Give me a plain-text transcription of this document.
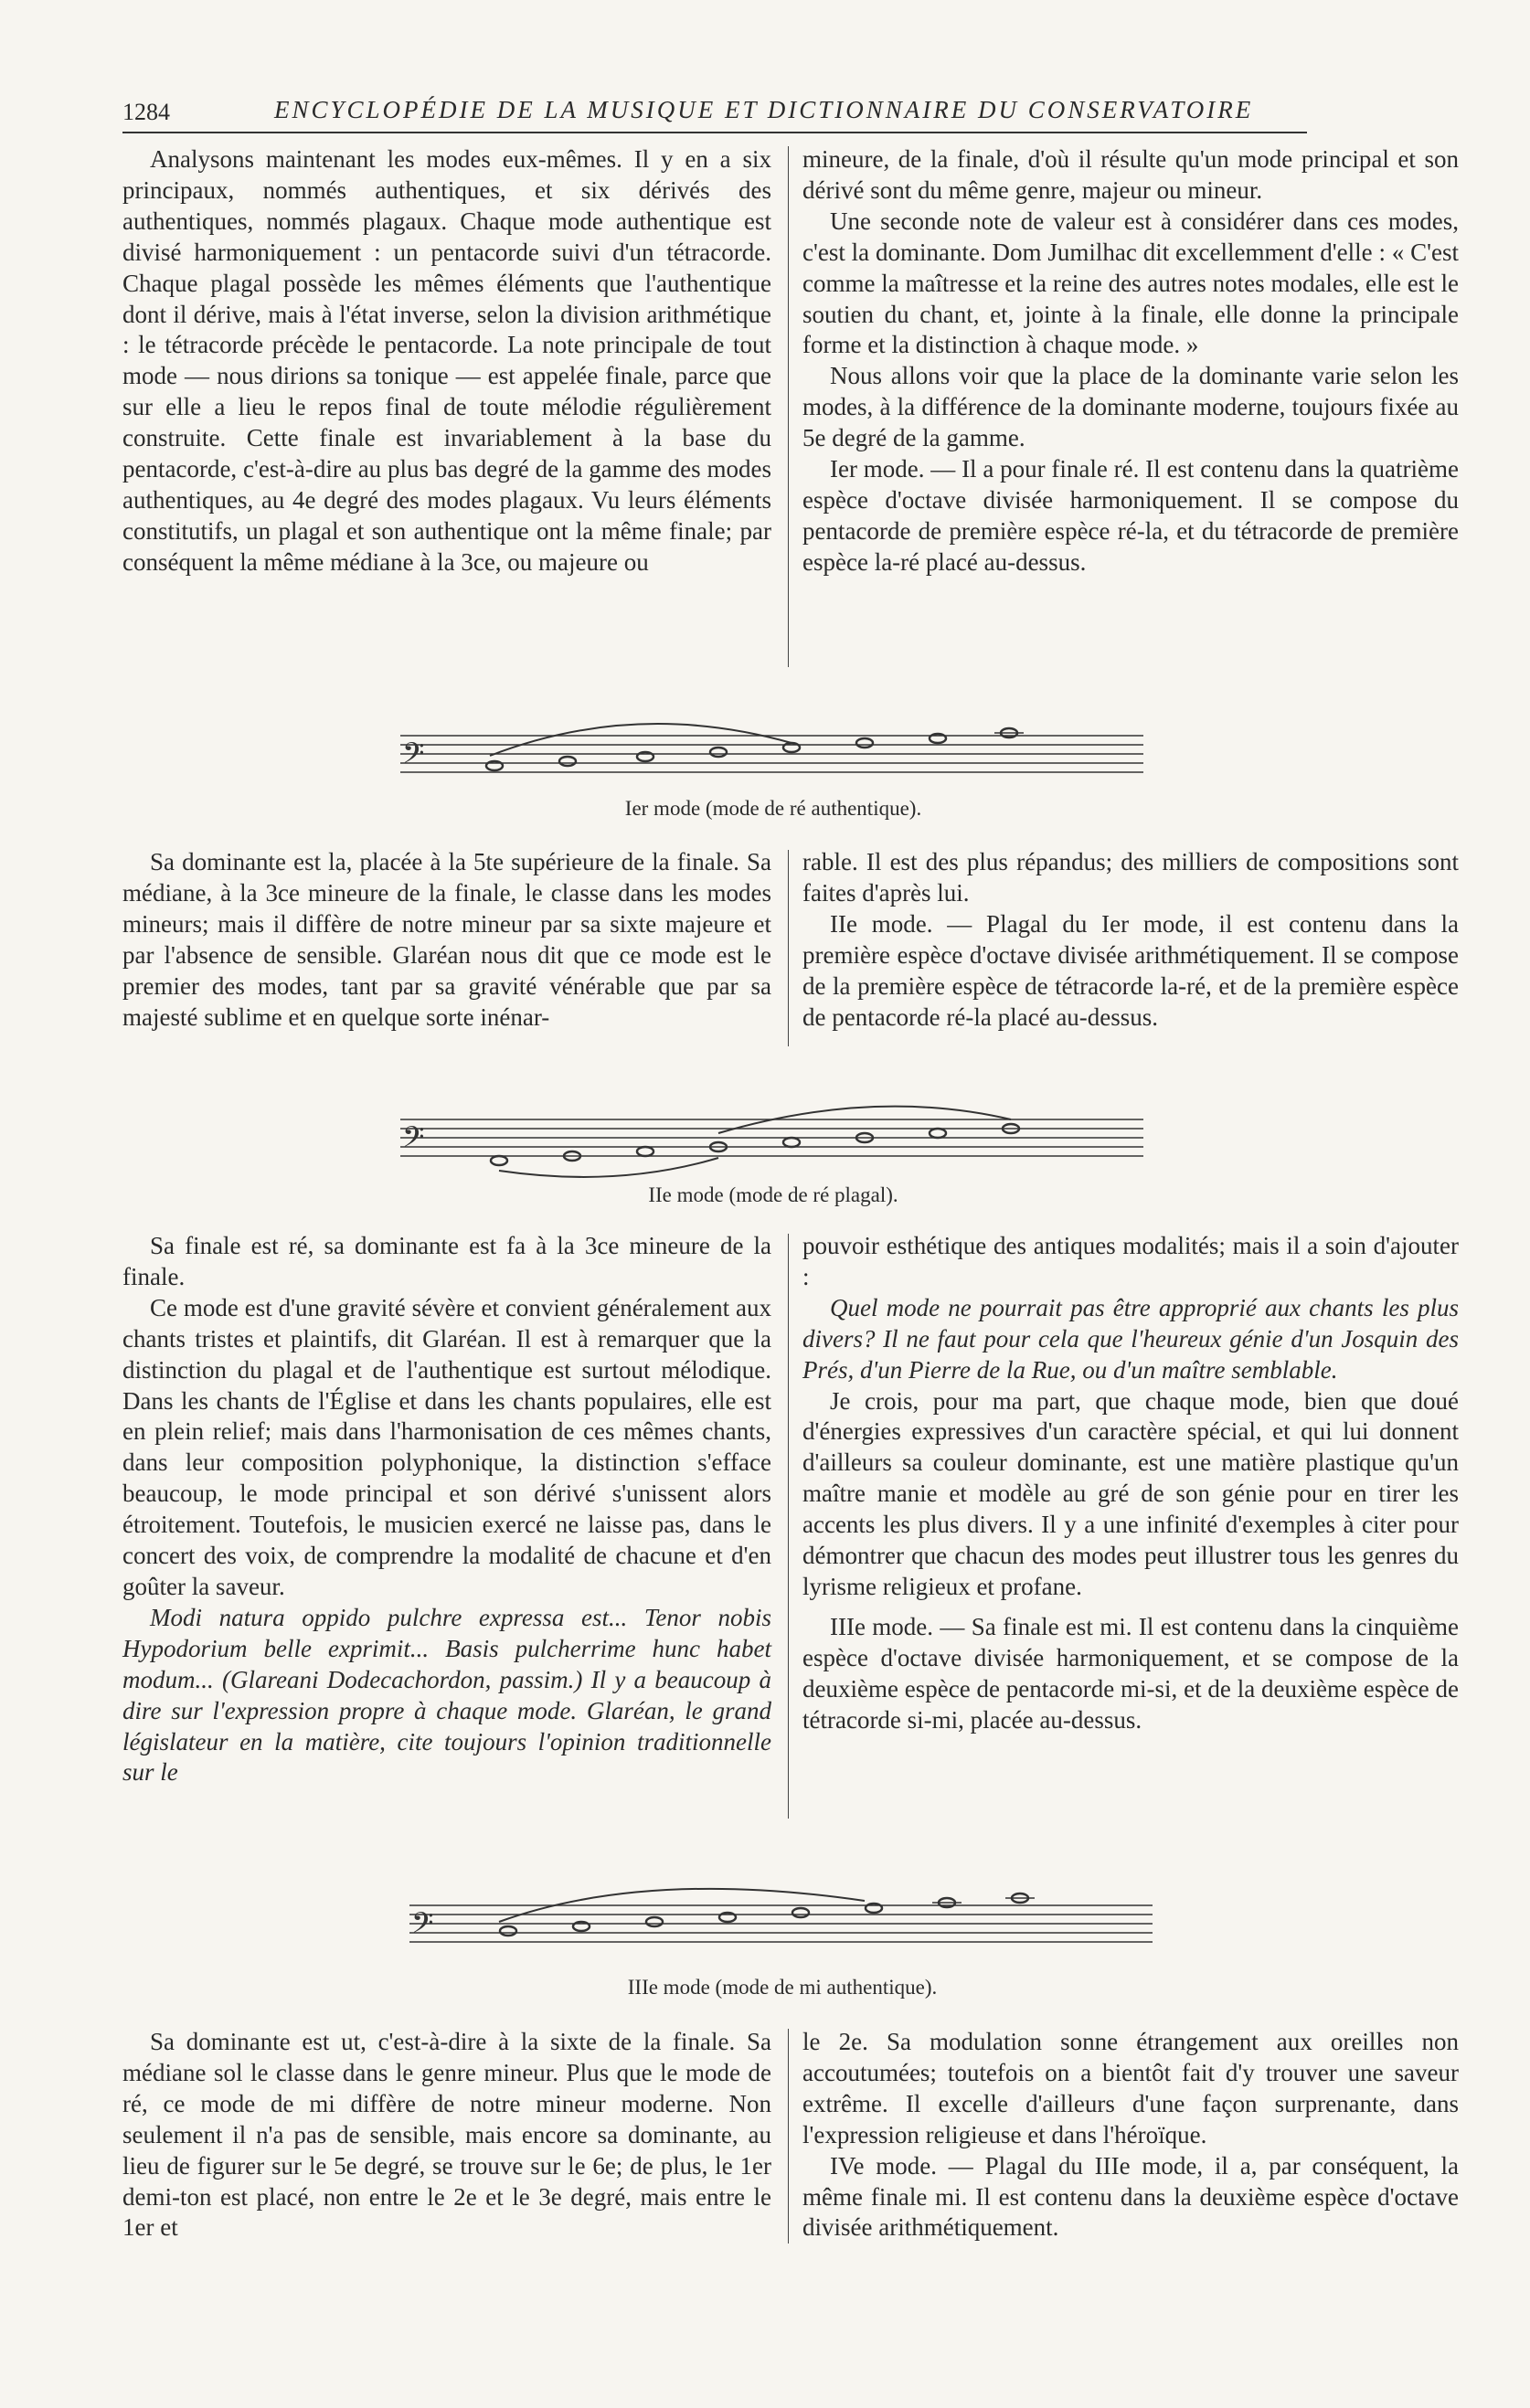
1284	ENCYCLOPÉDIE DE LA MUSIQUE ET DICTIONNAIRE DU CONSERVATOIRE

Analysons maintenant les modes eux-mêmes. Il y en a six principaux, nommés authentiques, et six dérivés des authentiques, nommés plagaux. Chaque mode authentique est divisé harmoniquement : un pentacorde suivi d'un tétracorde. Chaque plagal possède les mêmes éléments que l'authentique dont il dérive, mais à l'état inverse, selon la division arithmétique : le tétracorde précède le pentacorde. La note principale de tout mode — nous dirions sa tonique — est appelée finale, parce que sur elle a lieu le repos final de toute mélodie régulièrement construite. Cette finale est invariablement à la base du pentacorde, c'est-à-dire au plus bas degré de la gamme des modes authentiques, au 4e degré des modes plagaux. Vu leurs éléments constitutifs, un plagal et son authentique ont la même finale; par conséquent la même médiane à la 3ce, ou majeure ou

mineure, de la finale, d'où il résulte qu'un mode principal et son dérivé sont du même genre, majeur ou mineur.

Une seconde note de valeur est à considérer dans ces modes, c'est la dominante. Dom Jumilhac dit excellemment d'elle : « C'est comme la maîtresse et la reine des autres notes modales, elle est le soutien du chant, et, jointe à la finale, elle donne la principale forme et la distinction à chaque mode. »

Nous allons voir que la place de la dominante varie selon les modes, à la différence de la dominante moderne, toujours fixée au 5e degré de la gamme.

Ier mode. — Il a pour finale ré. Il est contenu dans la quatrième espèce d'octave divisée harmoniquement. Il se compose du pentacorde de première espèce ré-la, et du tétracorde de première espèce la-ré placé au-dessus.

𝄢
Ier mode (mode de ré authentique).

Sa dominante est la, placée à la 5te supérieure de la finale. Sa médiane, à la 3ce mineure de la finale, le classe dans les modes mineurs; mais il diffère de notre mineur par sa sixte majeure et par l'absence de sensible. Glaréan nous dit que ce mode est le premier des modes, tant par sa gravité vénérable que par sa majesté sublime et en quelque sorte inénar-

rable. Il est des plus répandus; des milliers de compositions sont faites d'après lui.

IIe mode. — Plagal du Ier mode, il est contenu dans la première espèce d'octave divisée arithmétiquement. Il se compose de la première espèce de tétracorde la-ré, et de la première espèce de pentacorde ré-la placé au-dessus.

𝄢
IIe mode (mode de ré plagal).

Sa finale est ré, sa dominante est fa à la 3ce mineure de la finale.

Ce mode est d'une gravité sévère et convient généralement aux chants tristes et plaintifs, dit Glaréan. Il est à remarquer que la distinction du plagal et de l'authentique est surtout mélodique. Dans les chants de l'Église et dans les chants populaires, elle est en plein relief; mais dans l'harmonisation de ces mêmes chants, dans leur composition polyphonique, la distinction s'efface beaucoup, le mode principal et son dérivé s'unissent alors étroitement. Toutefois, le musicien exercé ne laisse pas, dans le concert des voix, de comprendre la modalité de chacune et d'en goûter la saveur.

Modi natura oppido pulchre expressa est... Tenor nobis Hypodorium belle exprimit... Basis pulcherrime hunc habet modum... (Glareani Dodecachordon, passim.) Il y a beaucoup à dire sur l'expression propre à chaque mode. Glaréan, le grand législateur en la matière, cite toujours l'opinion traditionnelle sur le

pouvoir esthétique des antiques modalités; mais il a soin d'ajouter :

Quel mode ne pourrait pas être approprié aux chants les plus divers? Il ne faut pour cela que l'heureux génie d'un Josquin des Prés, d'un Pierre de la Rue, ou d'un maître semblable.

Je crois, pour ma part, que chaque mode, bien que doué d'énergies expressives d'un caractère spécial, et qui lui donnent d'ailleurs sa couleur dominante, est une matière plastique qu'un maître manie et modèle au gré de son génie pour en tirer les accents les plus divers. Il y a une infinité d'exemples à citer pour démontrer que chacun des modes peut illustrer tous les genres du lyrisme religieux et profane.

IIIe mode. — Sa finale est mi. Il est contenu dans la cinquième espèce d'octave divisée harmoniquement, et se compose de la deuxième espèce de pentacorde mi-si, et de la deuxième espèce de tétracorde si-mi, placée au-dessus.

𝄢
IIIe mode (mode de mi authentique).

Sa dominante est ut, c'est-à-dire à la sixte de la finale. Sa médiane sol le classe dans le genre mineur. Plus que le mode de ré, ce mode de mi diffère de notre mineur moderne. Non seulement il n'a pas de sensible, mais encore sa dominante, au lieu de figurer sur le 5e degré, se trouve sur le 6e; de plus, le 1er demi-ton est placé, non entre le 2e et le 3e degré, mais entre le 1er et

le 2e. Sa modulation sonne étrangement aux oreilles non accoutumées; toutefois on a bientôt fait d'y trouver une saveur extrême. Il excelle d'ailleurs d'une façon surprenante, dans l'expression religieuse et dans l'héroïque.

IVe mode. — Plagal du IIIe mode, il a, par conséquent, la même finale mi. Il est contenu dans la deuxième espèce d'octave divisée arithmétiquement.
